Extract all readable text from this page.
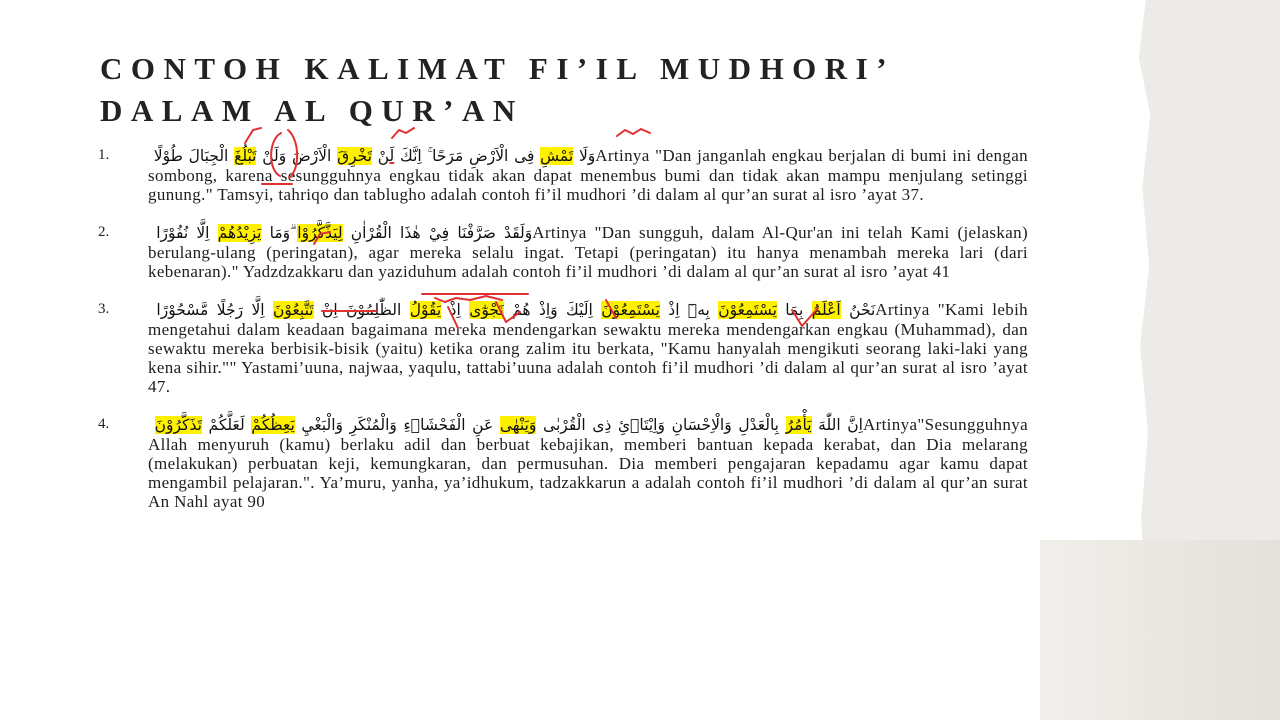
CONTOH KALIMAT FI’IL MUDHORI’
DALAM AL QUR’AN
1.	وَلَا تَمْشِ فِى الْاَرْضِ مَرَحًا ۚ اِنَّكَ لَنْ تَخْرِقَ الْاَرْضَ وَلَنْ تَبْلُغَ الْجِبَالَ طُوْلًا	Artinya "Dan janganlah engkau berjalan di bumi ini dengan sombong, karena sesungguhnya engkau tidak akan dapat menembus bumi dan tidak akan mampu menjulang setinggi gunung." Tamsyi, tahriqo dan tablugho adalah contoh fi’il mudhori ’di dalam al qur’an surat al isro ’ayat 37.
2.	وَلَقَدْ صَرَّفْنَا فِيْ هٰذَا الْقُرْاٰنِ لِيَذَّكَّرُوْا ۗوَمَا يَزِيْدُهُمْ اِلَّا نُفُوْرًا	Artinya "Dan sungguh, dalam Al-Qur'an ini telah Kami (jelaskan) berulang-ulang (peringatan), agar mereka selalu ingat. Tetapi (peringatan) itu hanya menambah mereka lari (dari kebenaran)." Yadzdzakkaru dan yaziduhum adalah contoh fi’il mudhori ’di dalam al qur’an surat al isro ’ayat 41
3.	نَحْنُ اَعْلَمُ بِمَا يَسْتَمِعُوْنَ بِهٖٓ اِذْ يَسْتَمِعُوْنَ اِلَيْكَ وَاِذْ هُمْ نَجْوٰٓى اِذْ يَقُوْلُ الظّٰلِمُوْنَ اِنْ تَتَّبِعُوْنَ اِلَّا رَجُلًا مَّسْحُوْرًا	Artinya "Kami lebih mengetahui dalam keadaan bagaimana mereka mendengarkan sewaktu mereka mendengarkan engkau (Muhammad), dan sewaktu mereka berbisik-bisik (yaitu) ketika orang zalim itu berkata, "Kamu hanyalah mengikuti seorang laki-laki yang kena sihir."" Yastami’uuna, najwaa, yaqulu, tattabi’uuna adalah contoh fi’il mudhori ’di dalam al qur’an surat al isro ’ayat 47.
4.	اِنَّ اللّٰهَ يَأْمُرُ بِالْعَدْلِ وَالْاِحْسَانِ وَاِيْتَاۤئِ ذِى الْقُرْبٰى وَيَنْهٰى عَنِ الْفَحْشَاۤءِ وَالْمُنْكَرِ وَالْبَغْيِ يَعِظُكُمْ لَعَلَّكُمْ تَذَكَّرُوْنَ	Artinya"Sesungguhnya Allah menyuruh (kamu) berlaku adil dan berbuat kebajikan, memberi bantuan kepada kerabat, dan Dia melarang (melakukan) perbuatan keji, kemungkaran, dan permusuhan. Dia memberi pengajaran kepadamu agar kamu dapat mengambil pelajaran.". Ya’muru, yanha, ya’idhukum, tadzakkarun a adalah contoh fi’il mudhori ’di dalam al qur’an surat An Nahl ayat 90
